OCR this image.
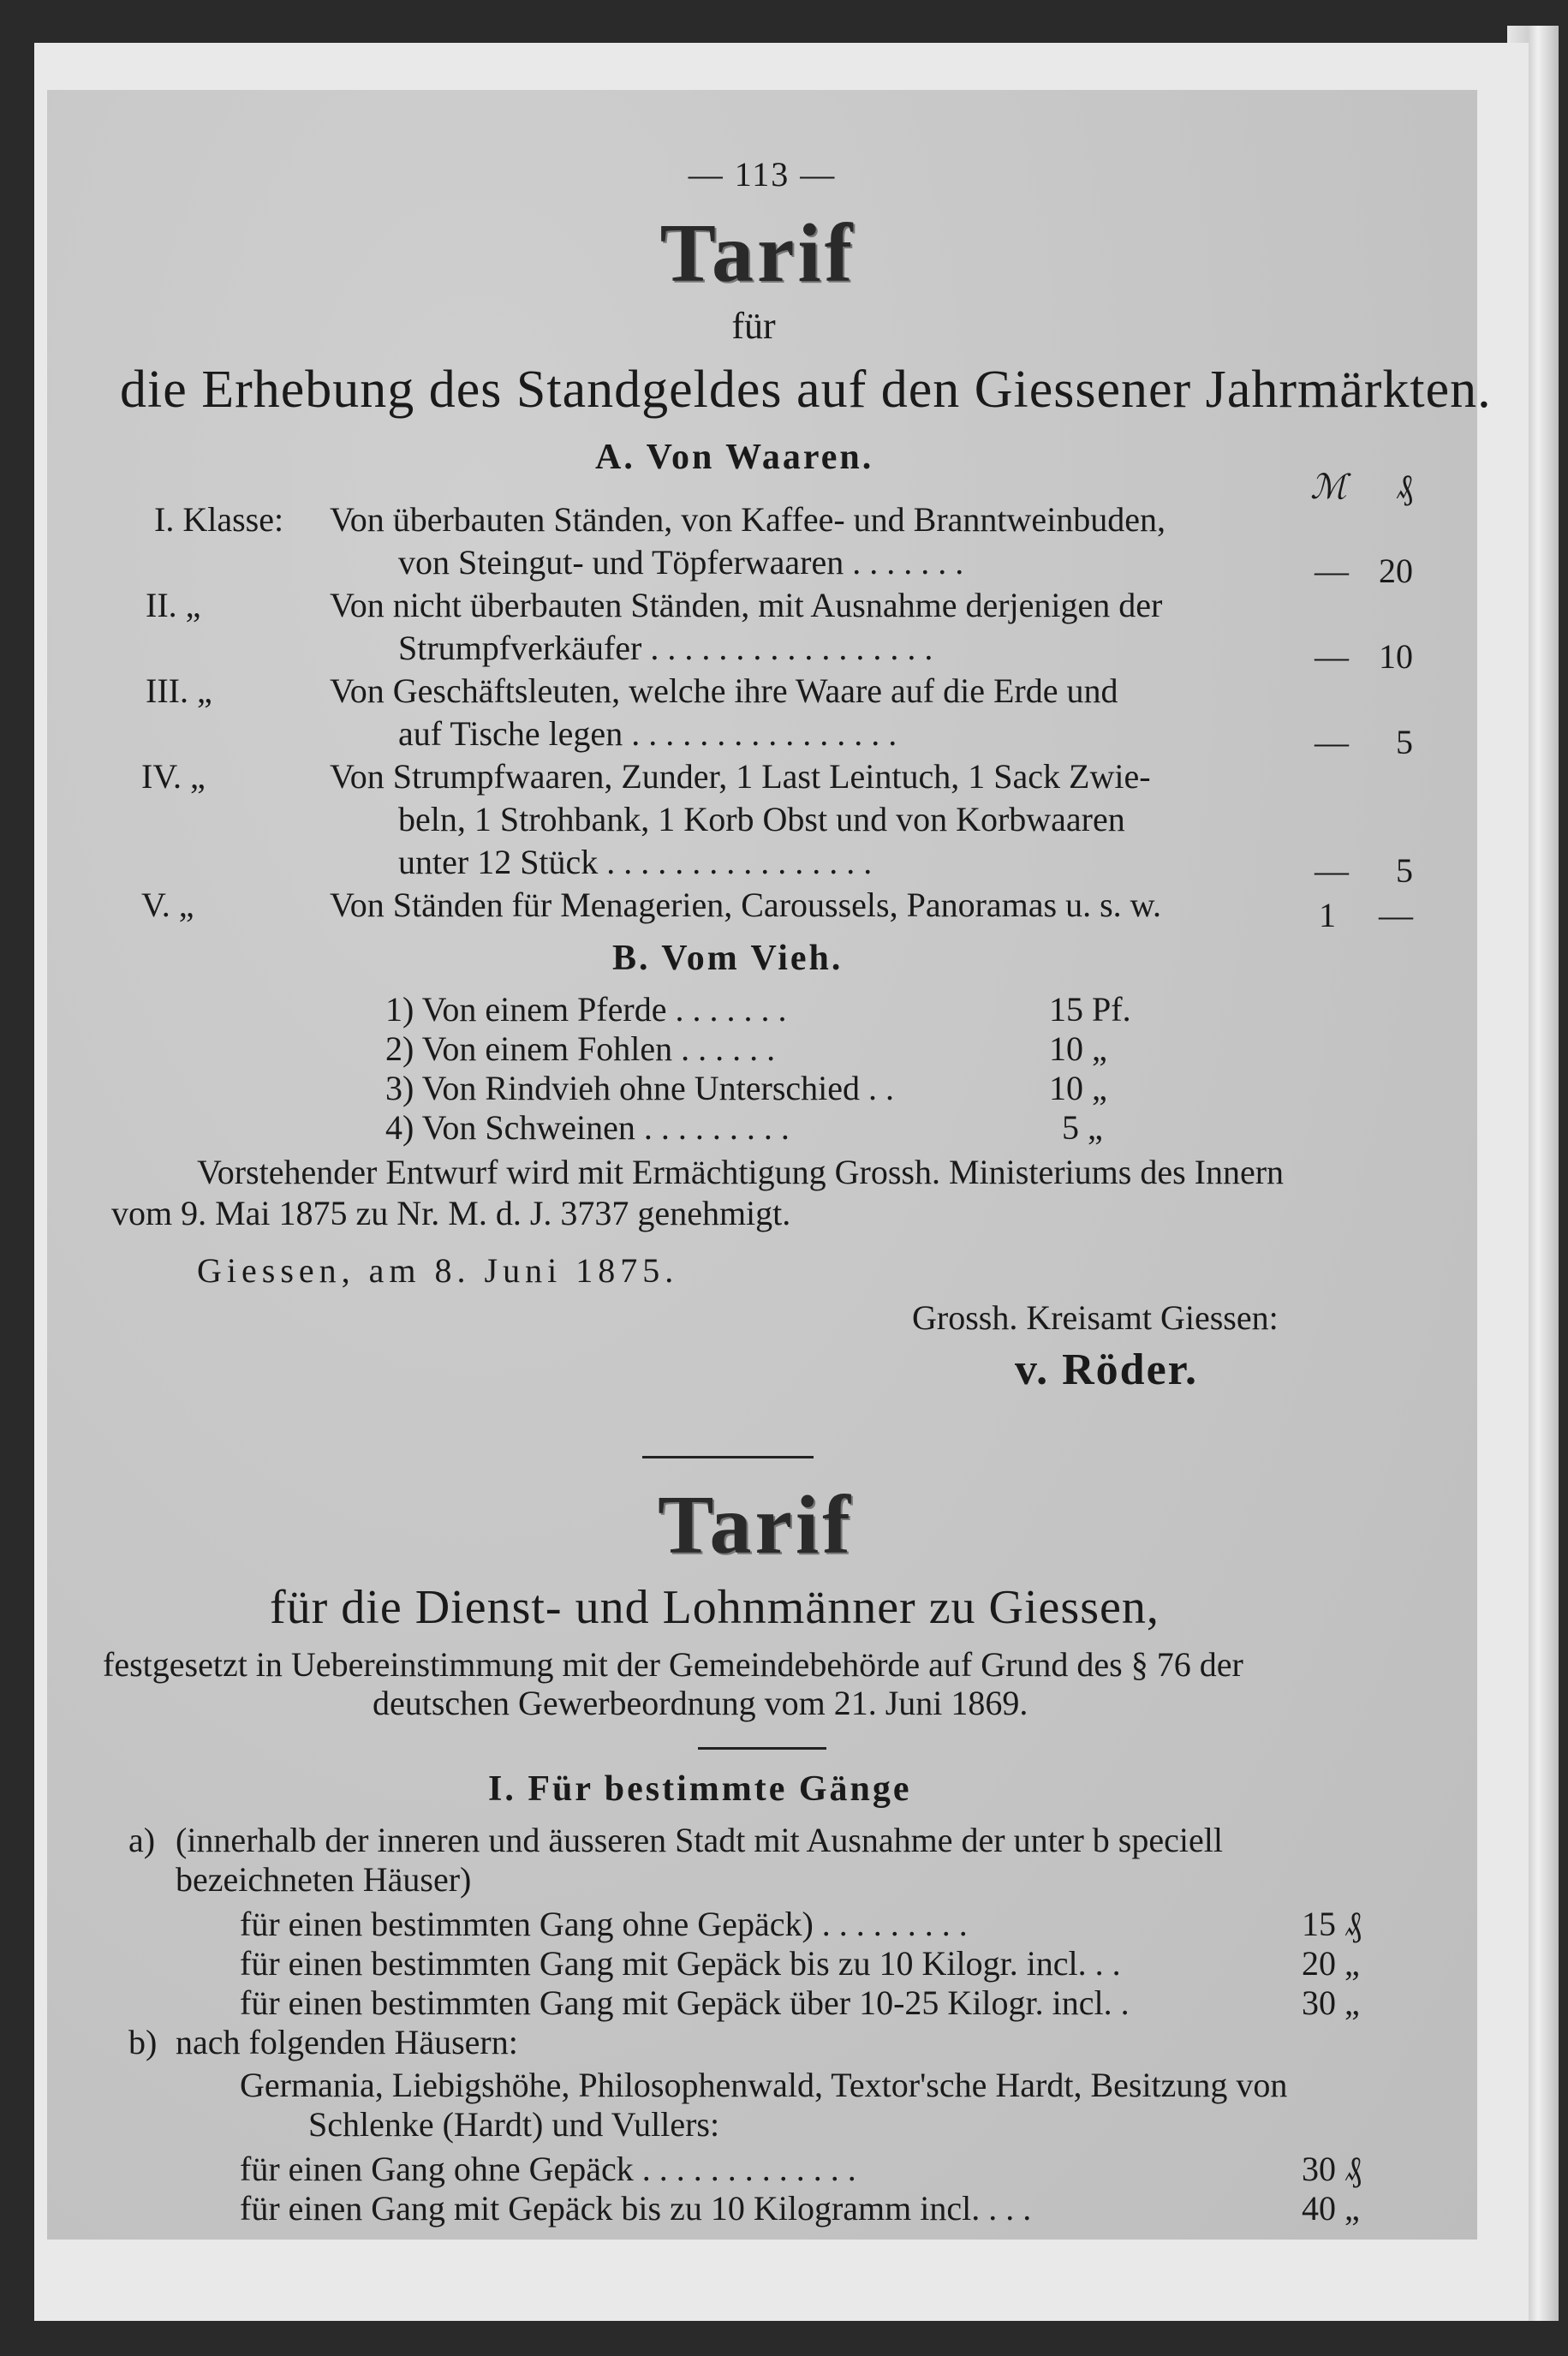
— 113 —
Tarif
für
die Erhebung des Standgeldes auf den Giessener Jahrmärkten.
A. Von Waaren.
ℳ ₰
I. Klasse: Von überbauten Ständen, von Kaffee- und Branntweinbuden,
von Steingut- und Töpferwaaren . . . . . . .	— 20
II. „	Von nicht überbauten Ständen, mit Ausnahme derjenigen der
Strumpfverkäufer . . . . . . . . . . . . . . . . .	— 10
III. „	Von Geschäftsleuten, welche ihre Waare auf die Erde und
auf Tische legen . . . . . . . . . . . . . . . .	— 5
IV. „	Von Strumpfwaaren, Zunder, 1 Last Leintuch, 1 Sack Zwie-
beln, 1 Strohbank, 1 Korb Obst und von Korbwaaren
unter 12 Stück . . . . . . . . . . . . . . . .	— 5
V. „	Von Ständen für Menagerien, Caroussels, Panoramas u. s. w.	1 —
B. Vom Vieh.
1) Von einem Pferde . . . . . . .	15 Pf.
2) Von einem Fohlen . . . . . .	10 „
3) Von Rindvieh ohne Unterschied . .	10 „
4) Von Schweinen . . . . . . . . .	5 „
Vorstehender Entwurf wird mit Ermächtigung Grossh. Ministeriums des Innern
vom 9. Mai 1875 zu Nr. M. d. J. 3737 genehmigt.
Giessen, am 8. Juni 1875.
Grossh. Kreisamt Giessen:
v. Röder.
Tarif
für die Dienst- und Lohnmänner zu Giessen,
festgesetzt in Uebereinstimmung mit der Gemeindebehörde auf Grund des § 76 der
deutschen Gewerbeordnung vom 21. Juni 1869.
I. Für bestimmte Gänge
a) (innerhalb der inneren und äusseren Stadt mit Ausnahme der unter b speciell
bezeichneten Häuser)
für einen bestimmten Gang ohne Gepäck) . . . . . . . . .	15 ₰
für einen bestimmten Gang mit Gepäck bis zu 10 Kilogr. incl. . .	20 „
für einen bestimmten Gang mit Gepäck über 10-25 Kilogr. incl. .	30 „
b) nach folgenden Häusern:
Germania, Liebigshöhe, Philosophenwald, Textor'sche Hardt, Besitzung von
Schlenke (Hardt) und Vullers:
für einen Gang ohne Gepäck . . . . . . . . . . . . .	30 ₰
für einen Gang mit Gepäck bis zu 10 Kilogramm incl. . . .	40 „
